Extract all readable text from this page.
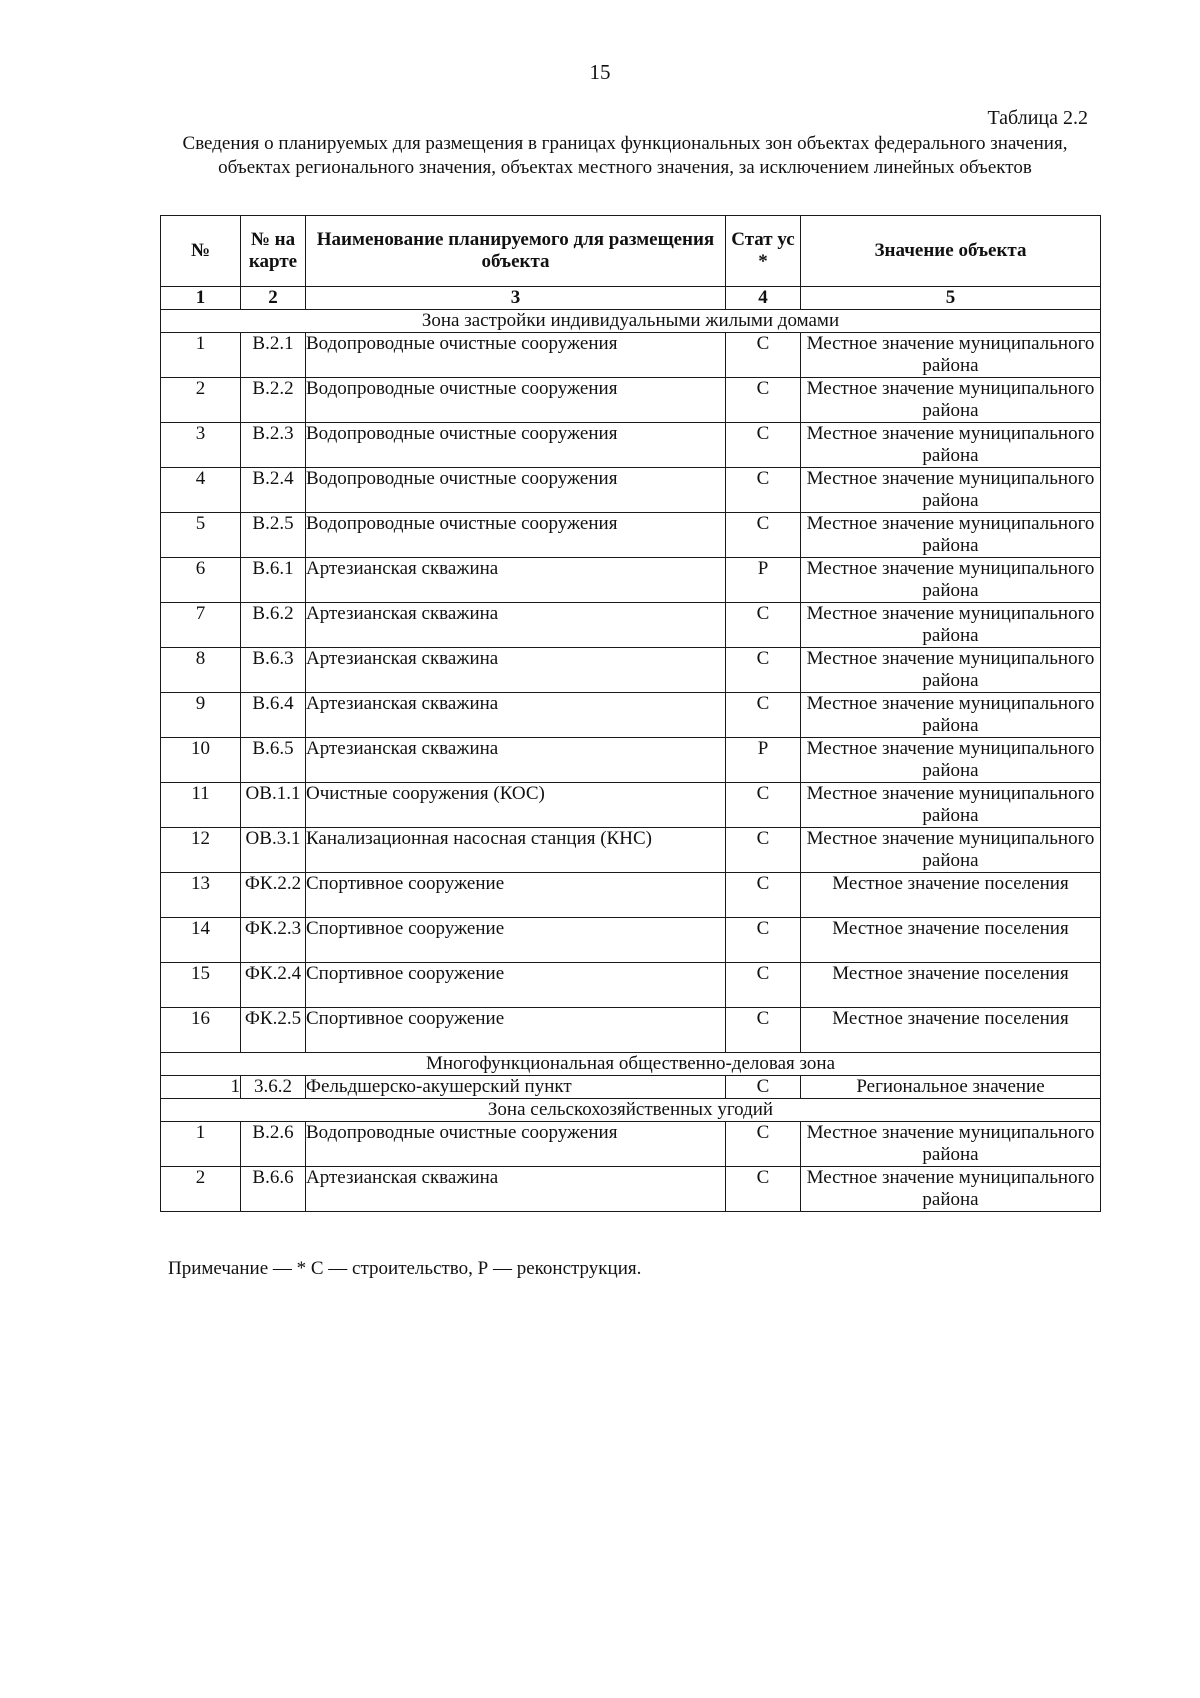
15
Таблица 2.2
Сведения о планируемых для размещения в границах функциональных зон объектах федерального значения, объектах регионального значения, объектах местного значения, за исключением линейных объектов
№	№ на карте	Наименование планируемого для размещения объекта	Стат ус *	Значение объекта
1	2	3	4	5
Зона застройки индивидуальными жилыми домами				
1	В.2.1	Водопроводные очистные сооружения	С	Местное значение муниципального района
2	В.2.2	Водопроводные очистные сооружения	С	Местное значение муниципального района
3	В.2.3	Водопроводные очистные сооружения	С	Местное значение муниципального района
4	В.2.4	Водопроводные очистные сооружения	С	Местное значение муниципального района
5	В.2.5	Водопроводные очистные сооружения	С	Местное значение муниципального района
6	В.6.1	Артезианская скважина	Р	Местное значение муниципального района
7	В.6.2	Артезианская скважина	С	Местное значение муниципального района
8	В.6.3	Артезианская скважина	С	Местное значение муниципального района
9	В.6.4	Артезианская скважина	С	Местное значение муниципального района
10	В.6.5	Артезианская скважина	Р	Местное значение муниципального района
11	ОВ.1.1	Очистные сооружения (КОС)	С	Местное значение муниципального района
12	ОВ.3.1	Канализационная насосная станция (КНС)	С	Местное значение муниципального района
13	ФК.2.2	Спортивное сооружение	С	Местное значение поселения
14	ФК.2.3	Спортивное сооружение	С	Местное значение поселения
15	ФК.2.4	Спортивное сооружение	С	Местное значение поселения
16	ФК.2.5	Спортивное сооружение	С	Местное значение поселения
Многофункциональная общественно-деловая зона				
1	3.6.2	Фельдшерско-акушерский пункт	С	Региональное значение
Зона сельскохозяйственных угодий				
1	В.2.6	Водопроводные очистные сооружения	С	Местное значение муниципального района
2	В.6.6	Артезианская скважина	С	Местное значение муниципального района
Примечание — * С — строительство, Р — реконструкция.
